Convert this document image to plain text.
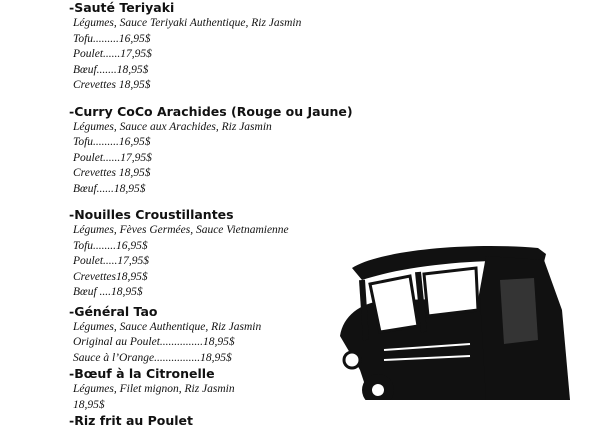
-Sauté Teriyaki

Légumes, Sauce Teriyaki Authentique, Riz Jasmin

Tofu.........16,95$

Poulet......17,95$

Bœuf.......18,95$

Crevettes 18,95$

-Curry CoCo Arachides (Rouge ou Jaune)

Légumes, Sauce aux Arachides, Riz Jasmin

Tofu.........16,95$

Poulet......17,95$

Crevettes 18,95$

Bœuf......18,95$

-Nouilles Croustillantes

Légumes, Fèves Germées, Sauce Vietnamienne

Tofu........16,95$

Poulet.....17,95$

Crevettes18,95$

Bœuf ....18,95$

-Général Tao

Légumes, Sauce Authentique, Riz Jasmin

Original au Poulet...............18,95$

Sauce à l’Orange................18,95$

-Bœuf à la Citronelle

Légumes, Filet mignon, Riz Jasmin

18,95$

-Riz frit au Poulet
